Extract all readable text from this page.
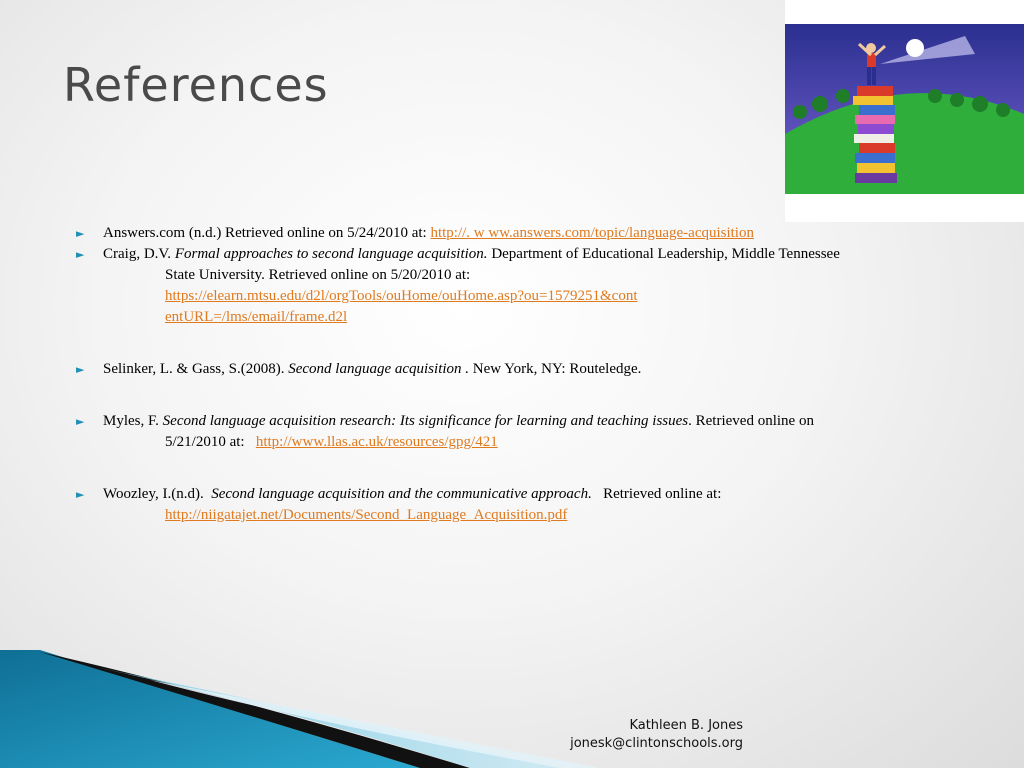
References
► Answers.com (n.d.) Retrieved online on 5/24/2010 at: http://. w ww.answers.com/topic/language-acquisition
► Craig, D.V. Formal approaches to second language acquisition. Department of Educational Leadership, Middle Tennessee
State University. Retrieved online on 5/20/2010 at:
https://elearn.mtsu.edu/d2l/orgTools/ouHome/ouHome.asp?ou=1579251&cont
entURL=/lms/email/frame.d2l
► Selinker, L. & Gass, S.(2008). Second language acquisition . New York, NY: Routeledge.
► Myles, F. Second language acquisition research: Its significance for learning and teaching issues. Retrieved online on
5/21/2010 at: http://www.llas.ac.uk/resources/gpg/421
► Woozley, I.(n.d). Second language acquisition and the communicative approach. Retrieved online at:
http://niigatajet.net/Documents/Second_Language_Acquisition.pdf
Kathleen B. Jones
jonesk@clintonschools.org
